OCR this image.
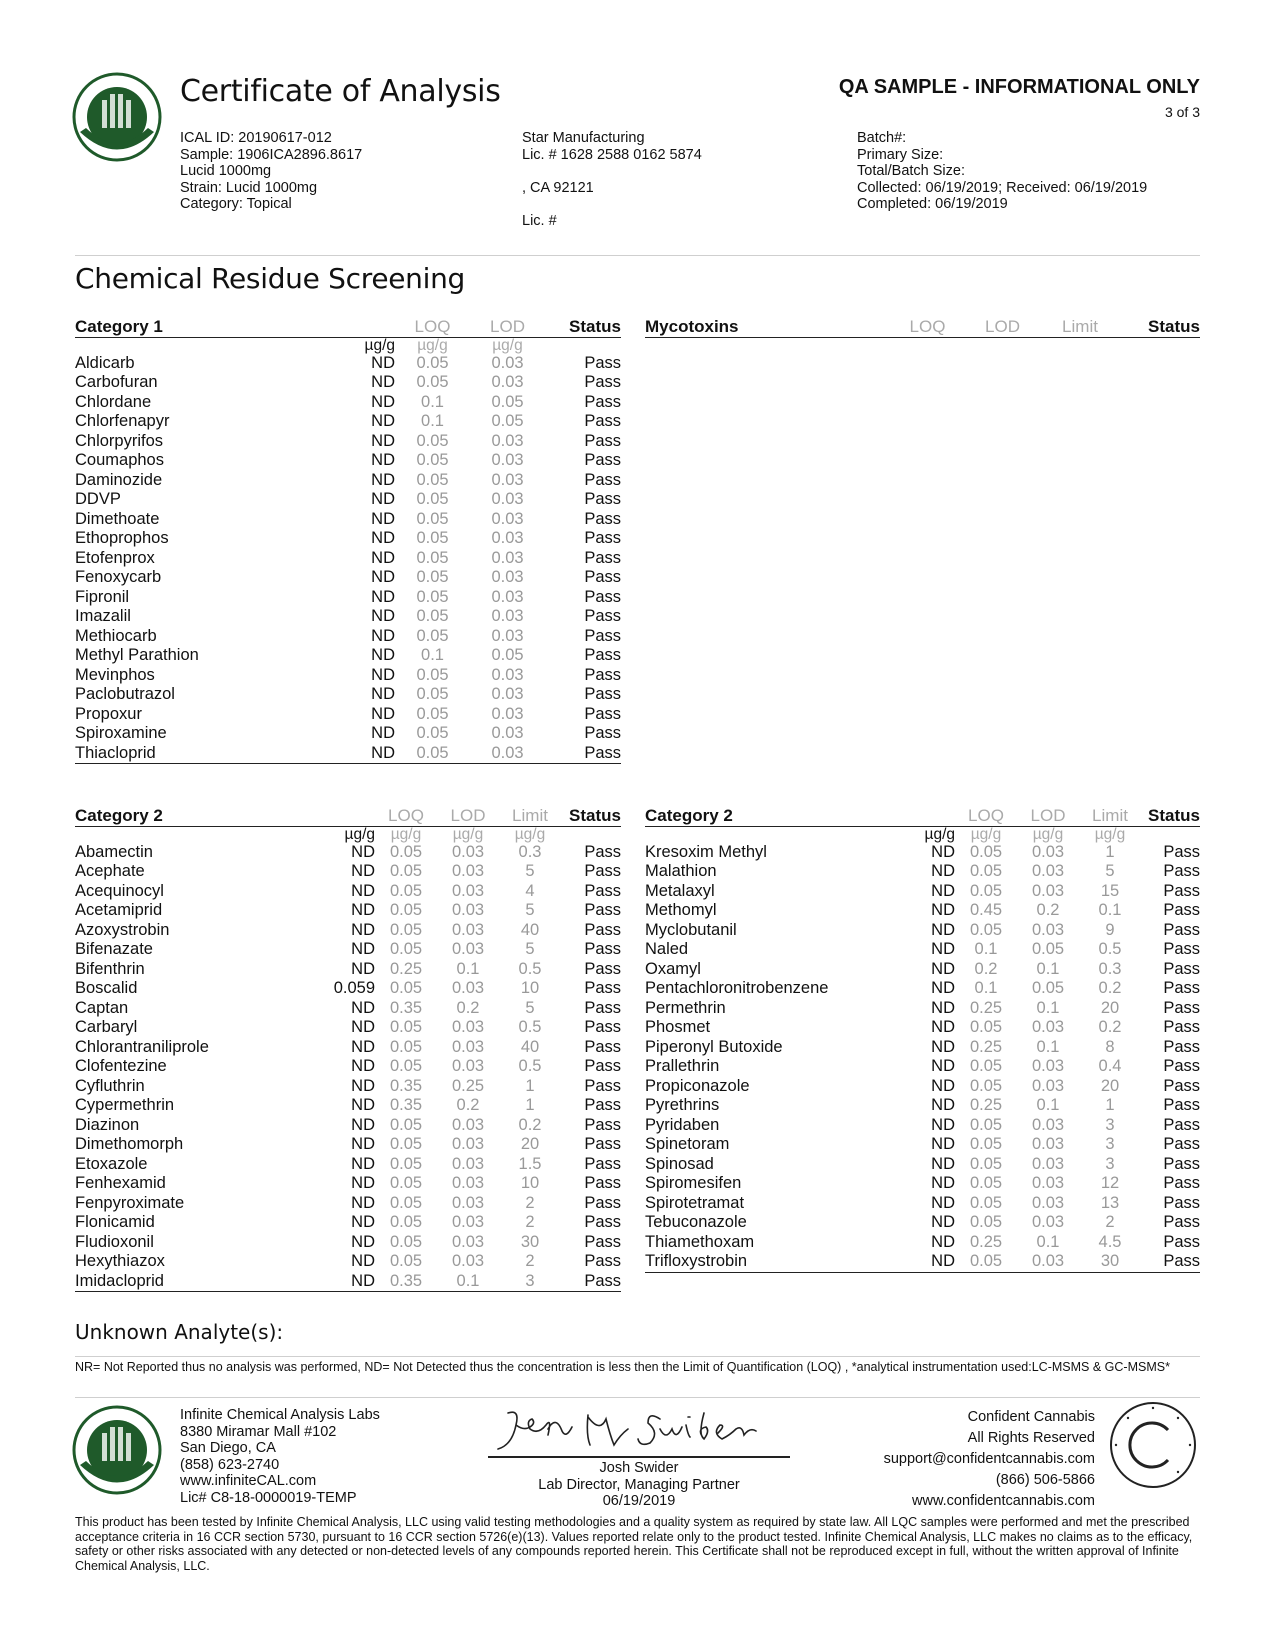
Certificate of Analysis	QA SAMPLE - INFORMATIONAL ONLY
3 of 3
ICAL ID: 20190617-012
Sample: 1906ICA2896.8617
Lucid 1000mg
Strain: Lucid 1000mg
Category: Topical
Star Manufacturing
Lic. # 1628 2588 0162 5874
, CA 92121
Lic. #
Batch#:
Primary Size:
Total/Batch Size:
Collected: 06/19/2019; Received: 06/19/2019
Completed: 06/19/2019
Chemical Residue Screening
Category 1		LOQ	LOD	Status
	µg/g	µg/g	µg/g	
Aldicarb	ND	0.05	0.03	Pass
Carbofuran	ND	0.05	0.03	Pass
Chlordane	ND	0.1	0.05	Pass
Chlorfenapyr	ND	0.1	0.05	Pass
Chlorpyrifos	ND	0.05	0.03	Pass
Coumaphos	ND	0.05	0.03	Pass
Daminozide	ND	0.05	0.03	Pass
DDVP	ND	0.05	0.03	Pass
Dimethoate	ND	0.05	0.03	Pass
Ethoprophos	ND	0.05	0.03	Pass
Etofenprox	ND	0.05	0.03	Pass
Fenoxycarb	ND	0.05	0.03	Pass
Fipronil	ND	0.05	0.03	Pass
Imazalil	ND	0.05	0.03	Pass
Methiocarb	ND	0.05	0.03	Pass
Methyl Parathion	ND	0.1	0.05	Pass
Mevinphos	ND	0.05	0.03	Pass
Paclobutrazol	ND	0.05	0.03	Pass
Propoxur	ND	0.05	0.03	Pass
Spiroxamine	ND	0.05	0.03	Pass
Thiacloprid	ND	0.05	0.03	Pass
Mycotoxins	LOQ	LOD	Limit	Status
Category 2		LOQ	LOD	Limit	Status
	µg/g	µg/g	µg/g	µg/g	
Abamectin	ND	0.05	0.03	0.3	Pass
Acephate	ND	0.05	0.03	5	Pass
Acequinocyl	ND	0.05	0.03	4	Pass
Acetamiprid	ND	0.05	0.03	5	Pass
Azoxystrobin	ND	0.05	0.03	40	Pass
Bifenazate	ND	0.05	0.03	5	Pass
Bifenthrin	ND	0.25	0.1	0.5	Pass
Boscalid	0.059	0.05	0.03	10	Pass
Captan	ND	0.35	0.2	5	Pass
Carbaryl	ND	0.05	0.03	0.5	Pass
Chlorantraniliprole	ND	0.05	0.03	40	Pass
Clofentezine	ND	0.05	0.03	0.5	Pass
Cyfluthrin	ND	0.35	0.25	1	Pass
Cypermethrin	ND	0.35	0.2	1	Pass
Diazinon	ND	0.05	0.03	0.2	Pass
Dimethomorph	ND	0.05	0.03	20	Pass
Etoxazole	ND	0.05	0.03	1.5	Pass
Fenhexamid	ND	0.05	0.03	10	Pass
Fenpyroximate	ND	0.05	0.03	2	Pass
Flonicamid	ND	0.05	0.03	2	Pass
Fludioxonil	ND	0.05	0.03	30	Pass
Hexythiazox	ND	0.05	0.03	2	Pass
Imidacloprid	ND	0.35	0.1	3	Pass
Category 2		LOQ	LOD	Limit	Status
	µg/g	µg/g	µg/g	µg/g	
Kresoxim Methyl	ND	0.05	0.03	1	Pass
Malathion	ND	0.05	0.03	5	Pass
Metalaxyl	ND	0.05	0.03	15	Pass
Methomyl	ND	0.45	0.2	0.1	Pass
Myclobutanil	ND	0.05	0.03	9	Pass
Naled	ND	0.1	0.05	0.5	Pass
Oxamyl	ND	0.2	0.1	0.3	Pass
Pentachloronitrobenzene	ND	0.1	0.05	0.2	Pass
Permethrin	ND	0.25	0.1	20	Pass
Phosmet	ND	0.05	0.03	0.2	Pass
Piperonyl Butoxide	ND	0.25	0.1	8	Pass
Prallethrin	ND	0.05	0.03	0.4	Pass
Propiconazole	ND	0.05	0.03	20	Pass
Pyrethrins	ND	0.25	0.1	1	Pass
Pyridaben	ND	0.05	0.03	3	Pass
Spinetoram	ND	0.05	0.03	3	Pass
Spinosad	ND	0.05	0.03	3	Pass
Spiromesifen	ND	0.05	0.03	12	Pass
Spirotetramat	ND	0.05	0.03	13	Pass
Tebuconazole	ND	0.05	0.03	2	Pass
Thiamethoxam	ND	0.25	0.1	4.5	Pass
Trifloxystrobin	ND	0.05	0.03	30	Pass
Unknown Analyte(s):
NR= Not Reported thus no analysis was performed, ND= Not Detected thus the concentration is less then the Limit of Quantification (LOQ) , *analytical instrumentation used:LC-MSMS & GC-MSMS*
Infinite Chemical Analysis Labs
8380 Miramar Mall #102
San Diego, CA
(858) 623-2740
www.infiniteCAL.com
Lic# C8-18-0000019-TEMP
Josh Swider
Lab Director, Managing Partner
06/19/2019
Confident Cannabis
All Rights Reserved
support@confidentcannabis.com
(866) 506-5866
www.confidentcannabis.com
This product has been tested by Infinite Chemical Analysis, LLC using valid testing methodologies and a quality system as required by state law. All LQC samples were performed and met the prescribed acceptance criteria in 16 CCR section 5730, pursuant to 16 CCR section 5726(e)(13). Values reported relate only to the product tested. Infinite Chemical Analysis, LLC makes no claims as to the efficacy, safety or other risks associated with any detected or non-detected levels of any compounds reported herein. This Certificate shall not be reproduced except in full, without the written approval of Infinite Chemical Analysis, LLC.
